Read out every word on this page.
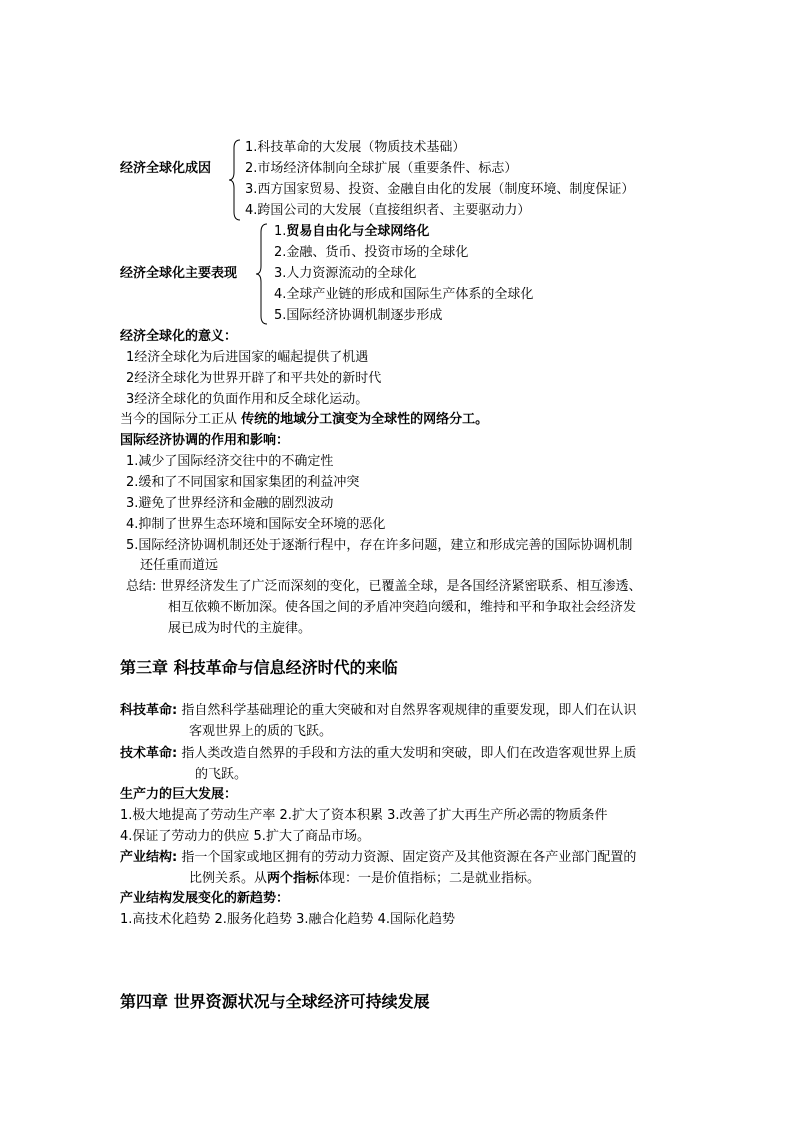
经济全球化成因
1.科技革命的大发展（物质技术基础）
2.市场经济体制向全球扩展（重要条件、标志）
3.西方国家贸易、投资、金融自由化的发展（制度环境、制度保证）
4.跨国公司的大发展（直接组织者、主要驱动力）
经济全球化主要表现
1.贸易自由化与全球网络化
2.金融、货币、投资市场的全球化
3.人力资源流动的全球化
4.全球产业链的形成和国际生产体系的全球化
5.国际经济协调机制逐步形成
经济全球化的意义：
1经济全球化为后进国家的崛起提供了机遇
2经济全球化为世界开辟了和平共处的新时代
3经济全球化的负面作用和反全球化运动。
当今的国际分工正从 传统的地域分工演变为全球性的网络分工。
国际经济协调的作用和影响：
1.减少了国际经济交往中的不确定性
2.缓和了不同国家和国家集团的利益冲突
3.避免了世界经济和金融的剧烈波动
4.抑制了世界生态环境和国际安全环境的恶化
5.国际经济协调机制还处于逐渐行程中，存在许多问题，建立和形成完善的国际协调机制
还任重而道远
总结: 世界经济发生了广泛而深刻的变化，已覆盖全球，是各国经济紧密联系、相互渗透、
相互依赖不断加深。使各国之间的矛盾冲突趋向缓和，维持和平和争取社会经济发
展已成为时代的主旋律。
第三章 科技革命与信息经济时代的来临
科技革命: 指自然科学基础理论的重大突破和对自然界客观规律的重要发现，即人们在认识
客观世界上的质的飞跃。
技术革命: 指人类改造自然界的手段和方法的重大发明和突破，即人们在改造客观世界上质
的飞跃。
生产力的巨大发展：
1.极大地提高了劳动生产率 2.扩大了资本积累 3.改善了扩大再生产所必需的物质条件
4.保证了劳动力的供应 5.扩大了商品市场。
产业结构: 指一个国家或地区拥有的劳动力资源、固定资产及其他资源在各产业部门配置的
比例关系。从两个指标体现：一是价值指标；二是就业指标。
产业结构发展变化的新趋势：
1.高技术化趋势 2.服务化趋势 3.融合化趋势 4.国际化趋势
第四章 世界资源状况与全球经济可持续发展
